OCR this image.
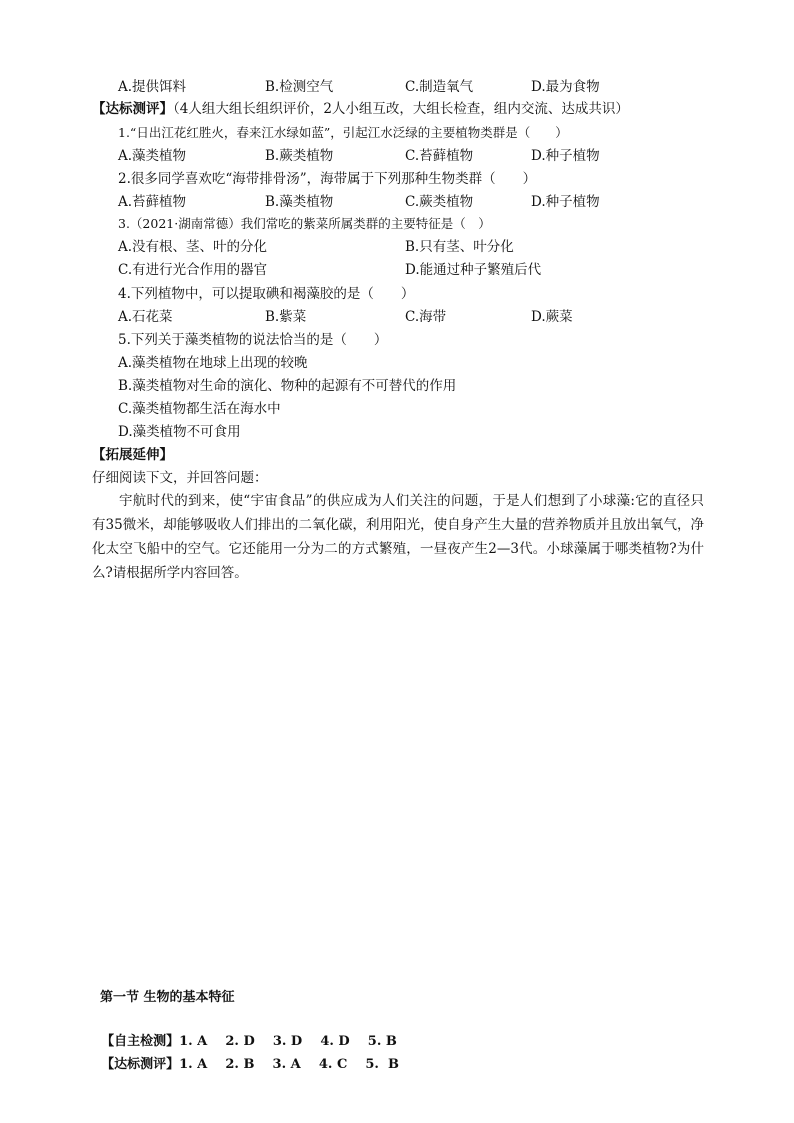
A.提供饵料	B.检测空气	C.制造氧气	D.最为食物
【达标测评】（4人组大组长组织评价，2人小组互改，大组长检查，组内交流、达成共识）
1.“日出江花红胜火，春来江水绿如蓝”，引起江水泛绿的主要植物类群是（　　）
A.藻类植物	B.蕨类植物	C.苔藓植物	D.种子植物
2.很多同学喜欢吃“海带排骨汤”，海带属于下列那种生物类群（　　）
A.苔藓植物	B.藻类植物	C.蕨类植物	D.种子植物
3.（2021·湖南常德）我们常吃的紫菜所属类群的主要特征是（　）
A.没有根、茎、叶的分化	B.只有茎、叶分化
C.有进行光合作用的器官	D.能通过种子繁殖后代
4.下列植物中，可以提取碘和褐藻胶的是（　　）
A.石花菜	B.紫菜	C.海带	D.蕨菜
5.下列关于藻类植物的说法恰当的是（　　）
A.藻类植物在地球上出现的较晚
B.藻类植物对生命的演化、物种的起源有不可替代的作用
C.藻类植物都生活在海水中
D.藻类植物不可食用
【拓展延伸】
仔细阅读下文，并回答问题：
宇航时代的到来，使“宇宙食品”的供应成为人们关注的问题，于是人们想到了小球藻:它的直径只有35微米，却能够吸收人们排出的二氧化碳，利用阳光，使自身产生大量的营养物质并且放出氧气，净化太空飞船中的空气。它还能用一分为二的方式繁殖，一昼夜产生2—3代。小球藻属于哪类植物?为什么?请根据所学内容回答。
第一节 生物的基本特征

【自主检测】1. A    2. D    3. D    4. D    5. B

【达标测评】1. A    2. B    3. A    4. C    5.  B
